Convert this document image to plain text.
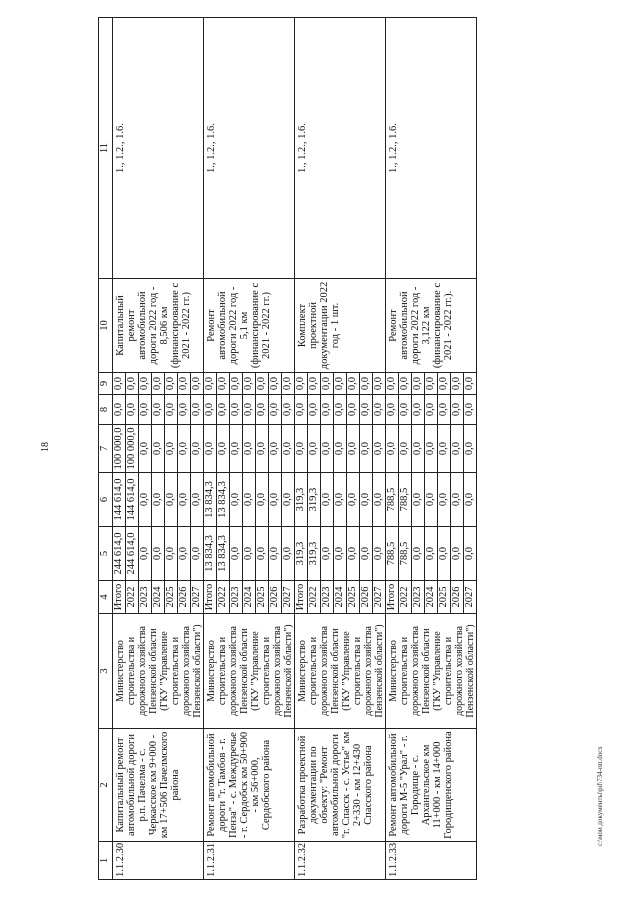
18
c:\мои документы\pd\734-пп.docx
1	2	3	4	5	6	7	8	9	10	11
1.1.2.30.	Капитальный ремонт автомобильной дороги р.п. Пачелма - с. Черкасское км 9+000 - км 17+506 Пачелмского района	Министерство строительства и дорожного хозяйства Пензенской области (ГКУ "Управление строительства и дорожного хозяйства Пензенской области")	Итого	244 614,0	144 614,0	100 000,0	0,0	0,0	Капитальный ремонт автомобильной дороги 2022 год - 8,506 км (финансирование с 2021 - 2022 гг.)	1., 1.2., 1.6.
			2022	244 614,0	144 614,0	100 000,0	0,0	0,0		
			2023	0,0	0,0	0,0	0,0	0,0		
			2024	0,0	0,0	0,0	0,0	0,0		
			2025	0,0	0,0	0,0	0,0	0,0		
			2026	0,0	0,0	0,0	0,0	0,0		
			2027	0,0	0,0	0,0	0,0	0,0		
1.1.2.31.	Ремонт автомобильной дороги "г. Тамбов - г. Пенза" - с. Междуречье - г. Сердобск км 50+900 - км 56+000, Сердобского района	Министерство строительства и дорожного хозяйства Пензенской области (ГКУ "Управление строительства и дорожного хозяйства Пензенской области")	Итого	13 834,3	13 834,3	0,0	0,0	0,0	Ремонт автомобильной дороги 2022 год - 5,1 км (финансирование с 2021 - 2022 гг.)	1., 1.2., 1.6.
			2022	13 834,3	13 834,3	0,0	0,0	0,0		
			2023	0,0	0,0	0,0	0,0	0,0		
			2024	0,0	0,0	0,0	0,0	0,0		
			2025	0,0	0,0	0,0	0,0	0,0		
			2026	0,0	0,0	0,0	0,0	0,0		
			2027	0,0	0,0	0,0	0,0	0,0		
1.1.2.32.	Разработка проектной документации по объекту: "Ремонт автомобильной дороги "г. Спасск - с. Устье" км 2+330 - км 12+430 Спасского района	Министерство строительства и дорожного хозяйства Пензенской области (ГКУ "Управление строительства и дорожного хозяйства Пензенской области")	Итого	319,3	319,3	0,0	0,0	0,0	Комплект проектной документации 2022 год - 1 шт.	1., 1.2., 1.6.
			2022	319,3	319,3	0,0	0,0	0,0		
			2023	0,0	0,0	0,0	0,0	0,0		
			2024	0,0	0,0	0,0	0,0	0,0		
			2025	0,0	0,0	0,0	0,0	0,0		
			2026	0,0	0,0	0,0	0,0	0,0		
			2027	0,0	0,0	0,0	0,0	0,0		
1.1.2.33.	Ремонт автомобильной дороги М-5 "Урал" - г. Городище - с. Архангельское км 11+000 - км 14+000 Городищенского района	Министерство строительства и дорожного хозяйства Пензенской области (ГКУ "Управление строительства и дорожного хозяйства Пензенской области")	Итого	788,5	788,5	0,0	0,0	0,0	Ремонт автомобильной дороги 2022 год - 3,122 км (финансирование с 2021 - 2022 гг.).	1., 1.2., 1.6.
			2022	788,5	788,5	0,0	0,0	0,0		
			2023	0,0	0,0	0,0	0,0	0,0		
			2024	0,0	0,0	0,0	0,0	0,0		
			2025	0,0	0,0	0,0	0,0	0,0		
			2026	0,0	0,0	0,0	0,0	0,0		
			2027	0,0	0,0	0,0	0,0	0,0		
